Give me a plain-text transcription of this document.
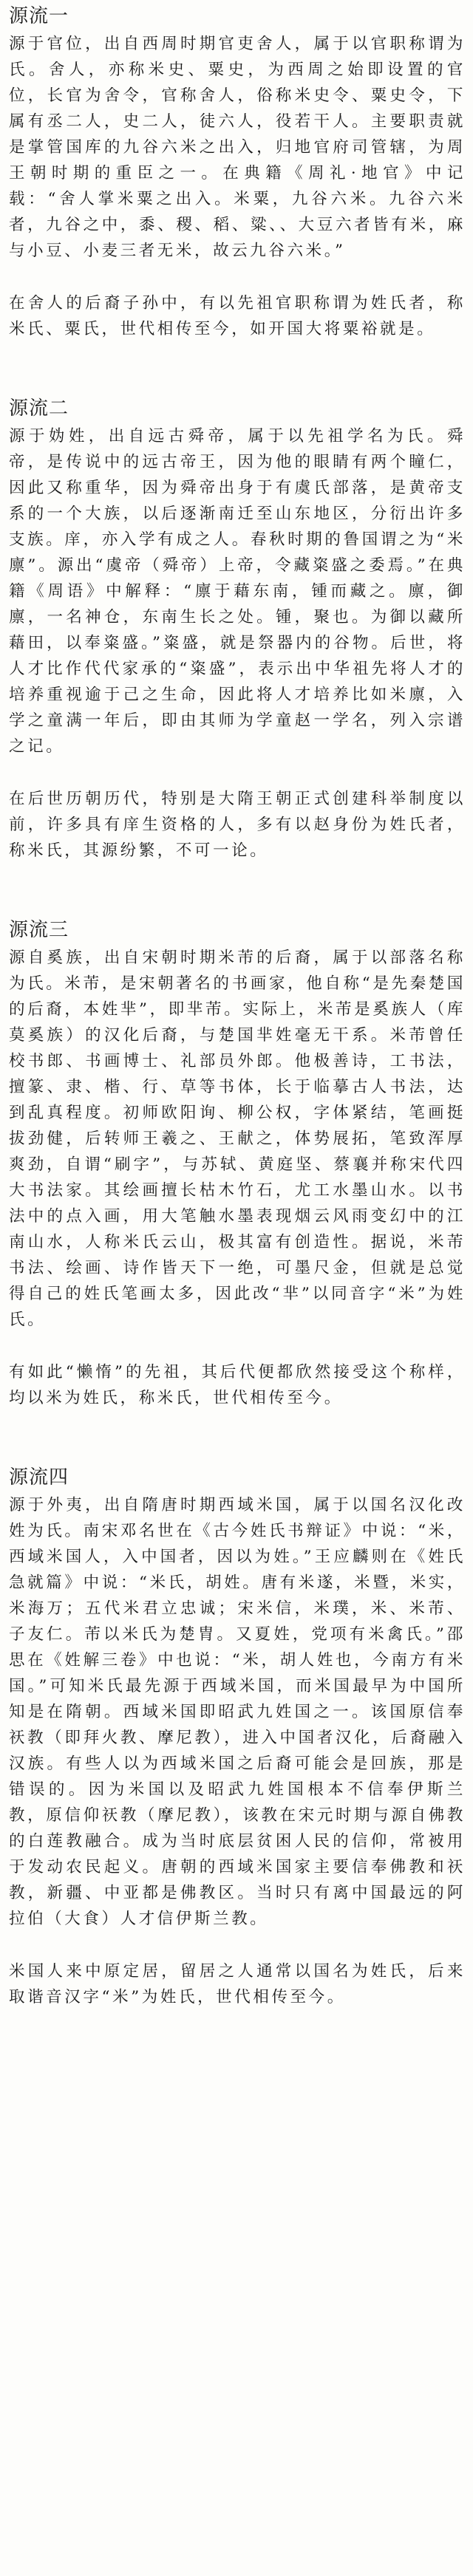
源流一

源于官位，出自西周时期官吏舍人，属于以官职称谓为氏。舍人，亦称米史、粟史，为西周之始即设置的官位，长官为舍令，官称舍人，俗称米史令、粟史令，下属有丞二人，史二人，徒六人，役若干人。主要职责就是掌管国库的九谷六米之出入，归地官府司管辖，为周王朝时期的重臣之一。在典籍《周礼·地官》中记载：“舍人掌米粟之出入。米粟，九谷六米。九谷六米者，九谷之中，黍、稷、稻、粱、、大豆六者皆有米，麻与小豆、小麦三者无米，故云九谷六米。”

在舍人的后裔子孙中，有以先祖官职称谓为姓氏者，称米氏、粟氏，世代相传至今，如开国大将粟裕就是。

源流二

源于妫姓，出自远古舜帝，属于以先祖学名为氏。舜帝，是传说中的远古帝王，因为他的眼睛有两个瞳仁，因此又称重华，因为舜帝出身于有虞氏部落，是黄帝支系的一个大族，以后逐渐南迁至山东地区，分衍出许多支族。庠，亦入学有成之人。春秋时期的鲁国谓之为“米廪”。源出“虞帝（舜帝）上帝，令藏粢盛之委焉。”在典籍《周语》中解释：“廪于藉东南，锺而藏之。廪，御廪，一名神仓，东南生长之处。锺，聚也。为御以藏所藉田，以奉粢盛。”粢盛，就是祭器内的谷物。后世，将人才比作代代家承的“粢盛”，表示出中华祖先将人才的培养重视逾于己之生命，因此将人才培养比如米廪，入学之童满一年后，即由其师为学童赵一学名，列入宗谱之记。

在后世历朝历代，特别是大隋王朝正式创建科举制度以前，许多具有庠生资格的人，多有以赵身份为姓氏者，称米氏，其源纷繁，不可一论。

源流三

源自奚族，出自宋朝时期米芾的后裔，属于以部落名称为氏。米芾，是宋朝著名的书画家，他自称“是先秦楚国的后裔，本姓芈”，即芈芾。实际上，米芾是奚族人（库莫奚族）的汉化后裔，与楚国芈姓毫无干系。米芾曾任校书郎、书画博士、礼部员外郎。他极善诗，工书法，擅篆、隶、楷、行、草等书体，长于临摹古人书法，达到乱真程度。初师欧阳询、柳公权，字体紧结，笔画挺拔劲健，后转师王羲之、王献之，体势展拓，笔致浑厚爽劲，自谓“刷字”，与苏轼、黄庭坚、蔡襄并称宋代四大书法家。其绘画擅长枯木竹石，尤工水墨山水。以书法中的点入画，用大笔触水墨表现烟云风雨变幻中的江南山水，人称米氏云山，极其富有创造性。据说，米芾书法、绘画、诗作皆天下一绝，可墨尺金，但就是总觉得自己的姓氏笔画太多，因此改“芈”以同音字“米”为姓氏。

有如此“懒惰”的先祖，其后代便都欣然接受这个称样，均以米为姓氏，称米氏，世代相传至今。

源流四

源于外夷，出自隋唐时期西域米国，属于以国名汉化改姓为氏。南宋邓名世在《古今姓氏书辩证》中说：“米，西域米国人，入中国者，因以为姓。”王应麟则在《姓氏急就篇》中说：“米氏，胡姓。唐有米遂，米暨，米实，米海万；五代米君立忠诚；宋米信，米璞，米、米芾、子友仁。芾以米氏为楚胄。又夏姓，党项有米禽氏。”邵思在《姓解三卷》中也说：“米，胡人姓也，今南方有米国。”可知米氏最先源于西域米国，而米国最早为中国所知是在隋朝。西域米国即昭武九姓国之一。该国原信奉祆教（即拜火教、摩尼教），进入中国者汉化，后裔融入汉族。有些人以为西域米国之后裔可能会是回族，那是错误的。因为米国以及昭武九姓国根本不信奉伊斯兰教，原信仰祆教（摩尼教），该教在宋元时期与源自佛教的白莲教融合。成为当时底层贫困人民的信仰，常被用于发动农民起义。唐朝的西域米国家主要信奉佛教和祆教，新疆、中亚都是佛教区。当时只有离中国最远的阿拉伯（大食）人才信伊斯兰教。

米国人来中原定居，留居之人通常以国名为姓氏，后来取谐音汉字“米”为姓氏，世代相传至今。
